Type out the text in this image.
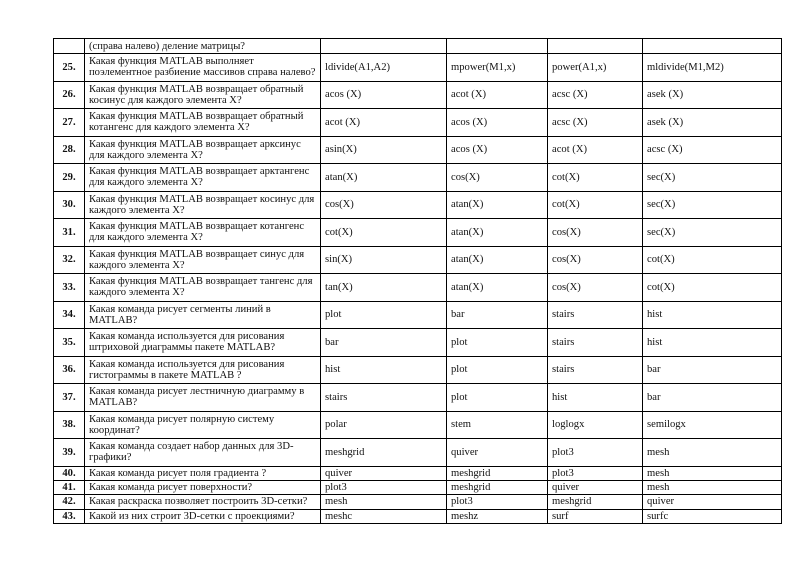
	(справа налево) деление матрицы?				
25.	Какая функция MATLAB выполняет поэлементное разбиение массивов справа налево?	ldivide(A1,A2)	mpower(M1,x)	power(A1,x)	mldivide(M1,M2)
26.	Какая функция MATLAB возвращает обратный косинус для каждого элемента X?	acos (X)	acot (X)	acsc (X)	asek (X)
27.	Какая функция MATLAB возвращает обратный котангенс для каждого элемента X?	acot (X)	acos (X)	acsc (X)	asek (X)
28.	Какая функция MATLAB возвращает арксинус для каждого элемента X?	asin(X)	acos (X)	acot (X)	acsc (X)
29.	Какая функция MATLAB возвращает арктангенс для каждого элемента X?	atan(X)	cos(X)	cot(X)	sec(X)
30.	Какая функция MATLAB возвращает косинус для каждого элемента X?	cos(X)	atan(X)	cot(X)	sec(X)
31.	Какая функция MATLAB возвращает котангенс для каждого элемента X?	cot(X)	atan(X)	cos(X)	sec(X)
32.	Какая функция MATLAB возвращает синус для каждого элемента X?	sin(X)	atan(X)	cos(X)	cot(X)
33.	Какая функция MATLAB возвращает тангенс для каждого элемента X?	tan(X)	atan(X)	cos(X)	cot(X)
34.	Какая команда рисует сегменты линий в MATLAB?	plot	bar	stairs	hist
35.	Какая команда используется для рисования штриховой диаграммы пакете MATLAB?	bar	plot	stairs	hist
36.	Какая команда используется для рисования гистограммы в пакете MATLAB ?	hist	plot	stairs	bar
37.	Какая команда рисует лестничную диаграмму в MATLAB?	stairs	plot	hist	bar
38.	Какая команда рисует полярную систему координат?	polar	stem	loglogx	semilogx
39.	Какая команда создает набор данных для 3D-графики?	meshgrid	quiver	plot3	mesh
40.	Какая команда рисует поля градиента ?	quiver	meshgrid	plot3	mesh
41.	Какая команда рисует поверхности?	plot3	meshgrid	quiver	mesh
42.	Какая раскраска позволяет построить 3D-сетки?	mesh	plot3	meshgrid	quiver
43.	Какой из них строит 3D-сетки с проекциями?	meshc	meshz	surf	surfc
